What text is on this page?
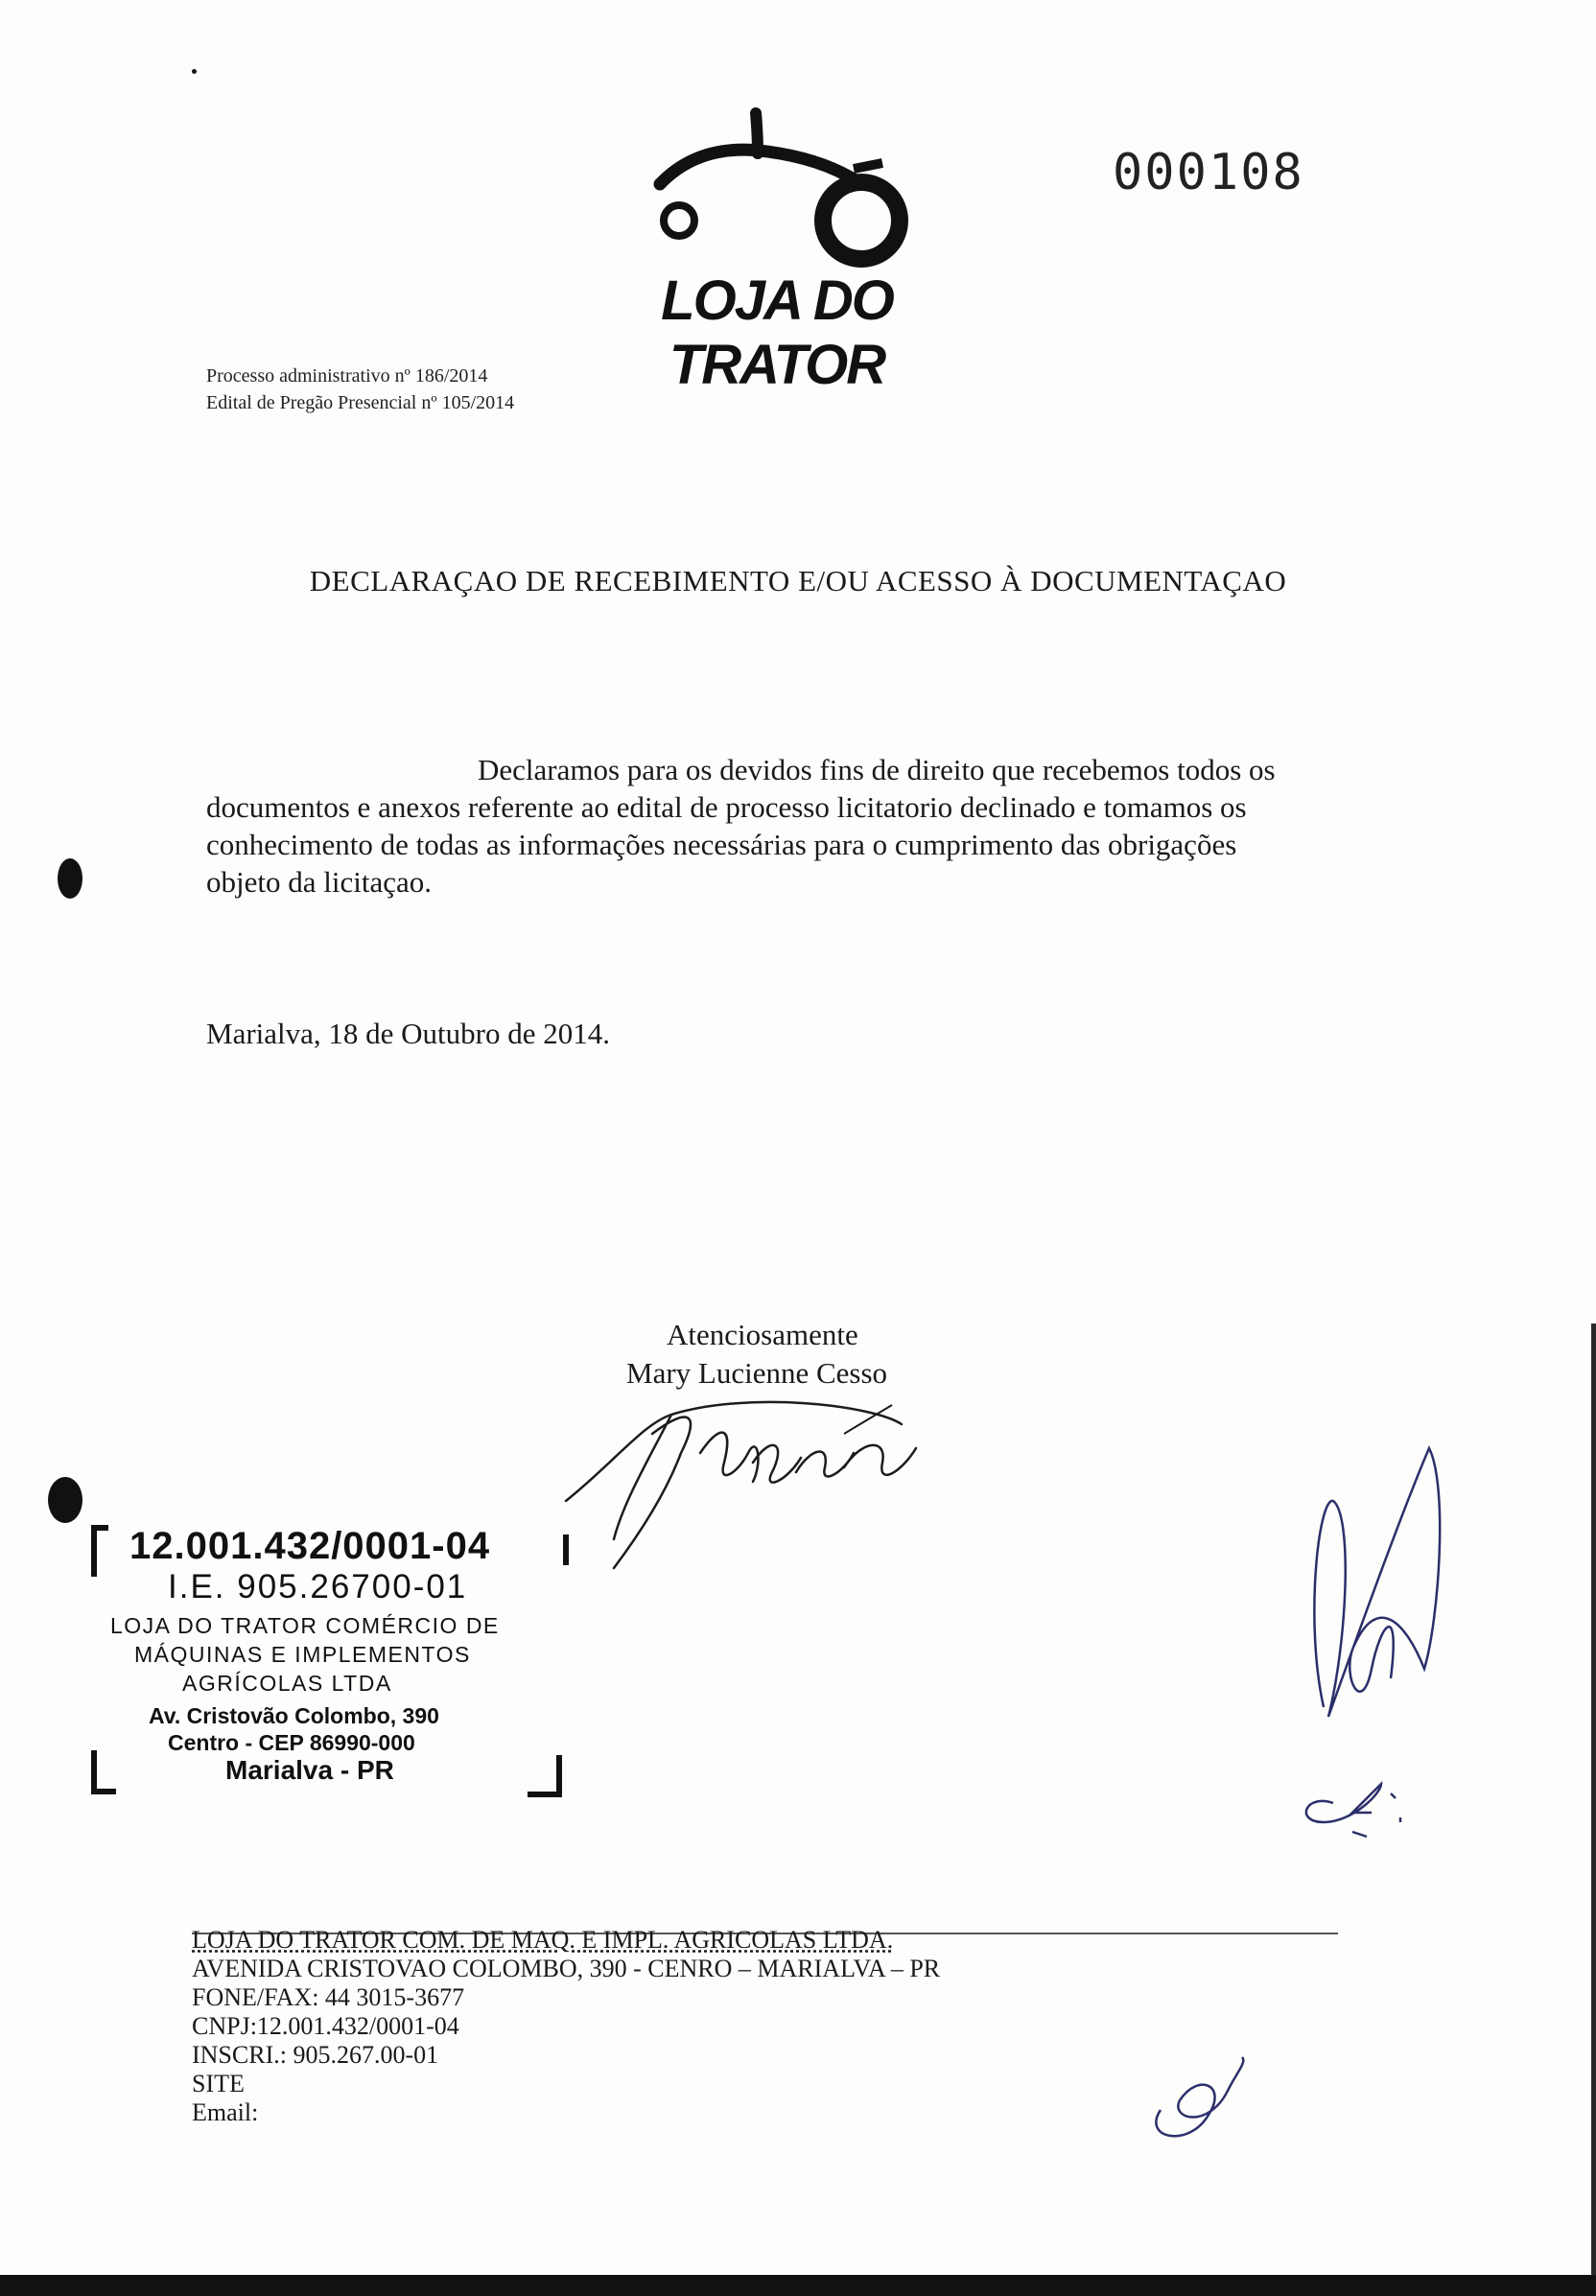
LOJA DO TRATOR
000108
Processo administrativo nº 186/2014
Edital de Pregão Presencial nº 105/2014
DECLARAÇAO DE RECEBIMENTO E/OU ACESSO À DOCUMENTAÇAO
Declaramos para os devidos fins de direito que recebemos todos os
documentos e anexos referente ao edital de processo licitatorio declinado e tomamos os
conhecimento de todas as informações necessárias para o cumprimento das obrigações
objeto da licitaçao.
Marialva, 18 de Outubro de 2014.
Atenciosamente
Mary Lucienne Cesso
12.001.432/0001-04
I.E. 905.26700-01
LOJA DO TRATOR COMÉRCIO DE
MÁQUINAS E IMPLEMENTOS
AGRÍCOLAS LTDA
Av. Cristovão Colombo, 390
Centro - CEP 86990-000
Marialva - PR
LOJA DO TRATOR COM. DE MAQ. E IMPL. AGRICOLAS LTDA.
AVENIDA CRISTOVAO COLOMBO, 390 - CENRO – MARIALVA – PR
FONE/FAX: 44 3015-3677
CNPJ:12.001.432/0001-04
INSCRI.: 905.267.00-01
SITE
Email:
